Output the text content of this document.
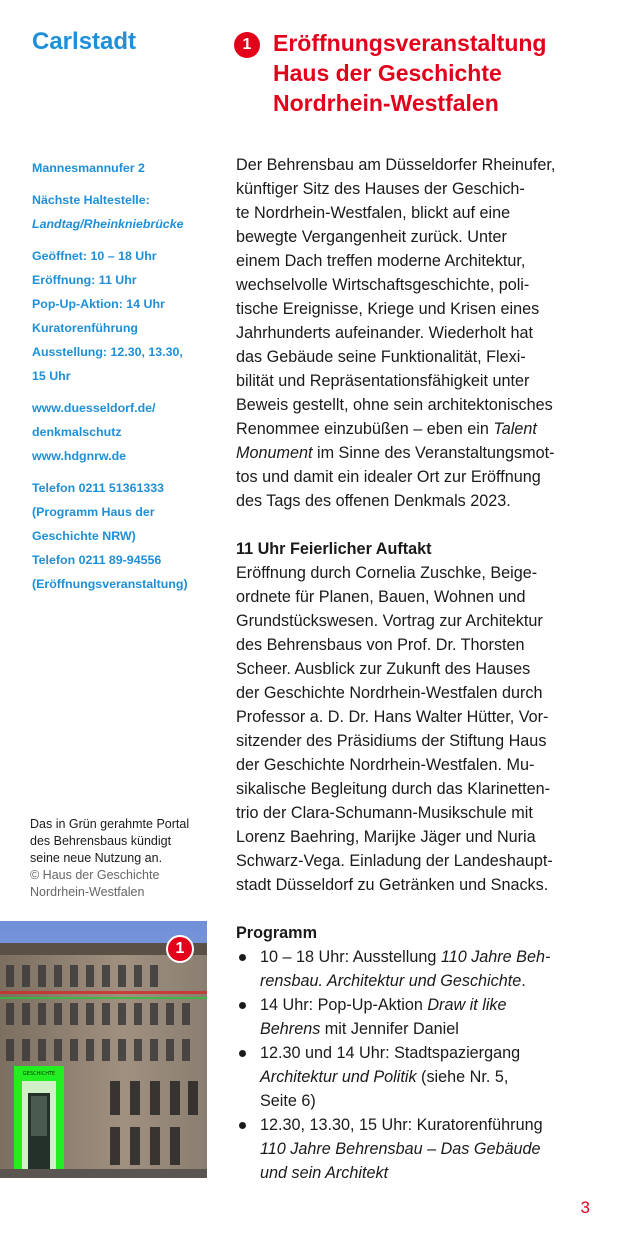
Carlstadt	1 Eröffnungsveranstaltung
Haus der Geschichte
Nordrhein-Westfalen
Mannesmannufer 2
Nächste Haltestelle:
Landtag/Rheinkniebrücke
Geöffnet: 10 – 18 Uhr
Eröffnung: 11 Uhr
Pop-Up-Aktion: 14 Uhr
Kuratorenführung
Ausstellung: 12.30, 13.30,
15 Uhr
www.duesseldorf.de/
denkmalschutz
www.hdgnrw.de
Telefon 0211 51361333
(Programm Haus der
Geschichte NRW)
Telefon 0211 89-94556
(Eröffnungsveranstaltung)
Das in Grün gerahmte Portal
des Behrensbaus kündigt
seine neue Nutzung an.
© Haus der Geschichte
Nordrhein-Westfalen
GESCHICHTE
1
Der Behrensbau am Düsseldorfer Rheinufer,
künftiger Sitz des Hauses der Geschich-
te Nordrhein-Westfalen, blickt auf eine
bewegte Vergangenheit zurück. Unter
einem Dach treffen moderne Architektur,
wechselvolle Wirtschaftsgeschichte, poli-
tische Ereignisse, Kriege und Krisen eines
Jahrhunderts aufeinander. Wiederholt hat
das Gebäude seine Funktionalität, Flexi-
bilität und Repräsentationsfähigkeit unter
Beweis gestellt, ohne sein architektonisches
Renommee einzubüßen – eben ein Talent
Monument im Sinne des Veranstaltungsmot-
tos und damit ein idealer Ort zur Eröffnung
des Tags des offenen Denkmals 2023.
11 Uhr Feierlicher Auftakt
Eröffnung durch Cornelia Zuschke, Beige-
ordnete für Planen, Bauen, Wohnen und
Grundstückswesen. Vortrag zur Architektur
des Behrensbaus von Prof. Dr. Thorsten
Scheer. Ausblick zur Zukunft des Hauses
der Geschichte Nordrhein-Westfalen durch
Professor a. D. Dr. Hans Walter Hütter, Vor-
sitzender des Präsidiums der Stiftung Haus
der Geschichte Nordrhein-Westfalen. Mu-
sikalische Begleitung durch das Klarinetten-
trio der Clara-Schumann-Musikschule mit
Lorenz Baehring, Marijke Jäger und Nuria
Schwarz-Vega. Einladung der Landeshaupt-
stadt Düsseldorf zu Getränken und Snacks.
Programm
10 – 18 Uhr: Ausstellung 110 Jahre Beh-
rensbau. Architektur und Geschichte.
14 Uhr: Pop-Up-Aktion Draw it like
Behrens mit Jennifer Daniel
12.30 und 14 Uhr: Stadtspaziergang
Architektur und Politik (siehe Nr. 5,
Seite 6)
12.30, 13.30, 15 Uhr: Kuratorenführung
110 Jahre Behrensbau – Das Gebäude
und sein Architekt
3
